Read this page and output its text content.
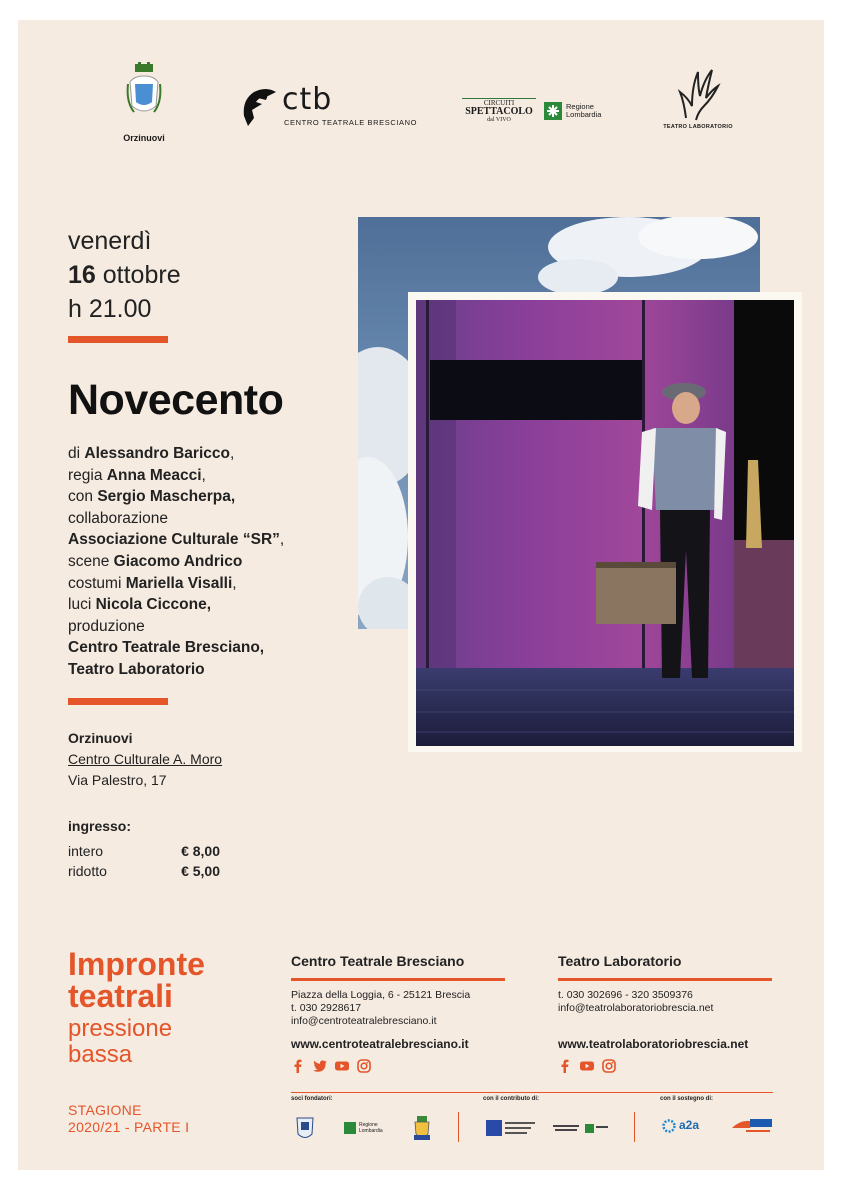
Orzinuovi
ctb
CENTRO TEATRALE BRESCIANO
CIRCUITI
SPETTACOLO
dal VIVO
Regione
Lombardia
TEATRO LABORATORIO
venerdì
16 ottobre
h 21.00
Novecento
di Alessandro Baricco,
regia Anna Meacci,
con Sergio Mascherpa,
collaborazione
Associazione Culturale “SR”,
scene Giacomo Andrico
costumi Mariella Visalli,
luci Nicola Ciccone,
produzione
Centro Teatrale Bresciano,
Teatro Laboratorio
Orzinuovi
Centro Culturale A. Moro
Via Palestro, 17
ingresso:
intero	€ 8,00
ridotto	€ 5,00
Impronte
teatrali
pressione
bassa
STAGIONE
2020/21 - PARTE I
Centro Teatrale Bresciano
Piazza della Loggia, 6 - 25121 Brescia
t. 030 2928617
info@centroteatralebresciano.it
www.centroteatralebresciano.it
Teatro Laboratorio
t. 030 302696 - 320 3509376
info@teatrolaboratoriobrescia.net
www.teatrolaboratoriobrescia.net
soci fondatori:	con il contributo di:	con il sostegno di:
Regione
Lombardia	a2a
